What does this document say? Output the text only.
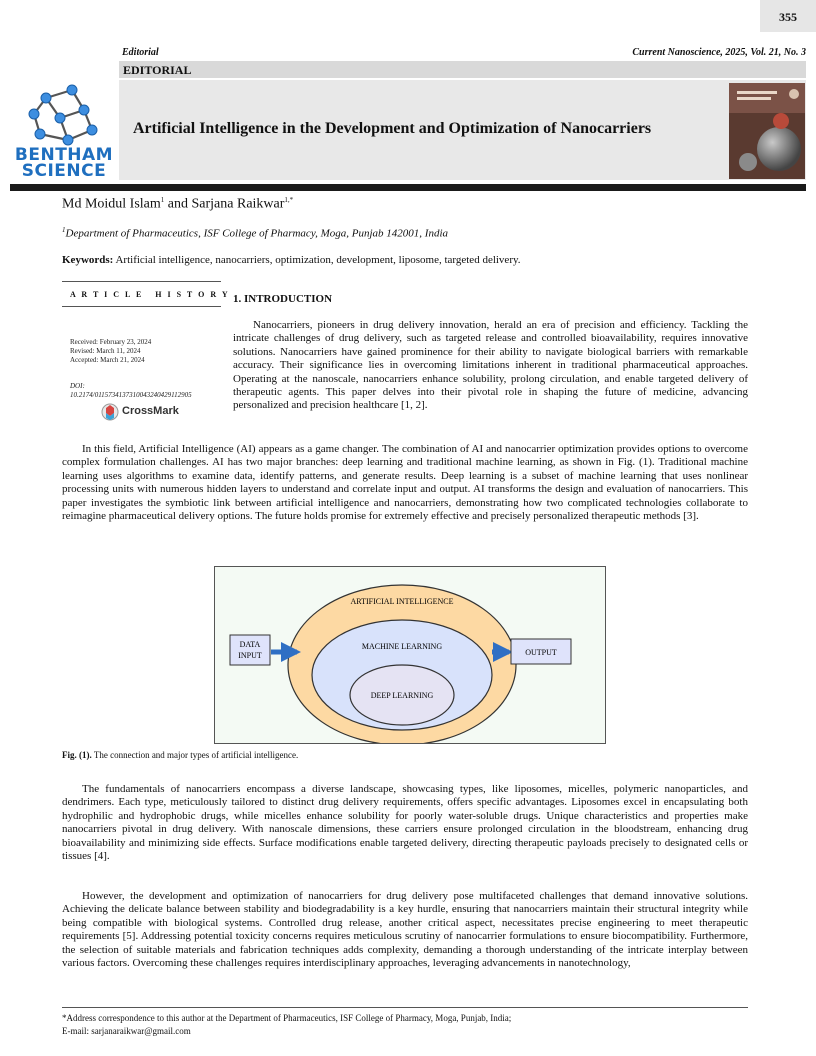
355
Editorial	Current Nanoscience, 2025, Vol. 21, No. 3
EDITORIAL
BENTHAM
SCIENCE
Artificial Intelligence in the Development and Optimization of Nanocarriers
Md Moidul Islam$^1$ and Sarjana Raikwar$^{1,*}$
$^1$Department of Pharmaceutics, ISF College of Pharmacy, Moga, Punjab 142001, India
Keywords: Artificial intelligence, nanocarriers, optimization, development, liposome, targeted delivery.
A R T I C L E   H I S T O R Y
Received: February 23, 2024
Revised: March 11, 2024
Accepted: March 21, 2024
DOI:
10.2174/0115734137310043240429112905
CrossMark
1. INTRODUCTION

Nanocarriers, pioneers in drug delivery innovation, herald an era of precision and efficiency. Tackling the intricate challenges of drug delivery, such as targeted release and controlled bioavailability, requires innovative solutions. Nanocarriers have gained prominence for their ability to navigate biological barriers with remarkable accuracy. Their significance lies in overcoming limitations inherent in traditional pharmaceutical approaches. Operating at the nanoscale, nanocarriers enhance solubility, prolong circulation, and enable targeted delivery of therapeutic agents. This paper delves into their pivotal role in shaping the future of medicine, advancing personalized and precision healthcare [1, 2].

In this field, Artificial Intelligence (AI) appears as a game changer. The combination of AI and nanocarrier optimization provides options to overcome complex formulation challenges. AI has two major branches: deep learning and traditional machine learning, as shown in Fig. (1). Traditional machine learning uses algorithms to examine data, identify patterns, and generate results. Deep learning is a subset of machine learning that uses nonlinear processing units with numerous hidden layers to understand and correlate input and output. AI transforms the design and evaluation of nanocarriers. This paper investigates the symbiotic link between artificial intelligence and nanocarriers, demonstrating how two complicated technologies collaborate to reimagine pharmaceutical delivery options. The future holds promise for extremely effective and precisely personalized therapeutic methods [3].

ARTIFICIAL INTELLIGENCE
MACHINE LEARNING
DEEP LEARNING
DATA
INPUT	OUTPUT
Fig. (1). The connection and major types of artificial intelligence.

The fundamentals of nanocarriers encompass a diverse landscape, showcasing types, like liposomes, micelles, polymeric nanoparticles, and dendrimers. Each type, meticulously tailored to distinct drug delivery requirements, offers specific advantages. Liposomes excel in encapsulating both hydrophilic and hydrophobic drugs, while micelles enhance solubility for poorly water-soluble drugs. Unique characteristics and properties make nanocarriers pivotal in drug delivery. With nanoscale dimensions, these carriers ensure prolonged circulation in the bloodstream, enhancing drug bioavailability and minimizing side effects. Surface modifications enable targeted delivery, directing therapeutic payloads precisely to designated cells or tissues [4].

However, the development and optimization of nanocarriers for drug delivery pose multifaceted challenges that demand innovative solutions. Achieving the delicate balance between stability and biodegradability is a key hurdle, ensuring that nanocarriers maintain their structural integrity while being compatible with biological systems. Controlled drug release, another critical aspect, necessitates precise engineering to meet therapeutic requirements [5]. Addressing potential toxicity concerns requires meticulous scrutiny of nanocarrier formulations to ensure biocompatibility. Furthermore, the selection of suitable materials and fabrication techniques adds complexity, demanding a thorough understanding of the intricate interplay between various factors. Overcoming these challenges requires interdisciplinary approaches, leveraging advancements in nanotechnology,

*Address correspondence to this author at the Department of Pharmaceutics, ISF College of Pharmacy, Moga, Punjab, India;
E-mail: sarjanaraikwar@gmail.com
